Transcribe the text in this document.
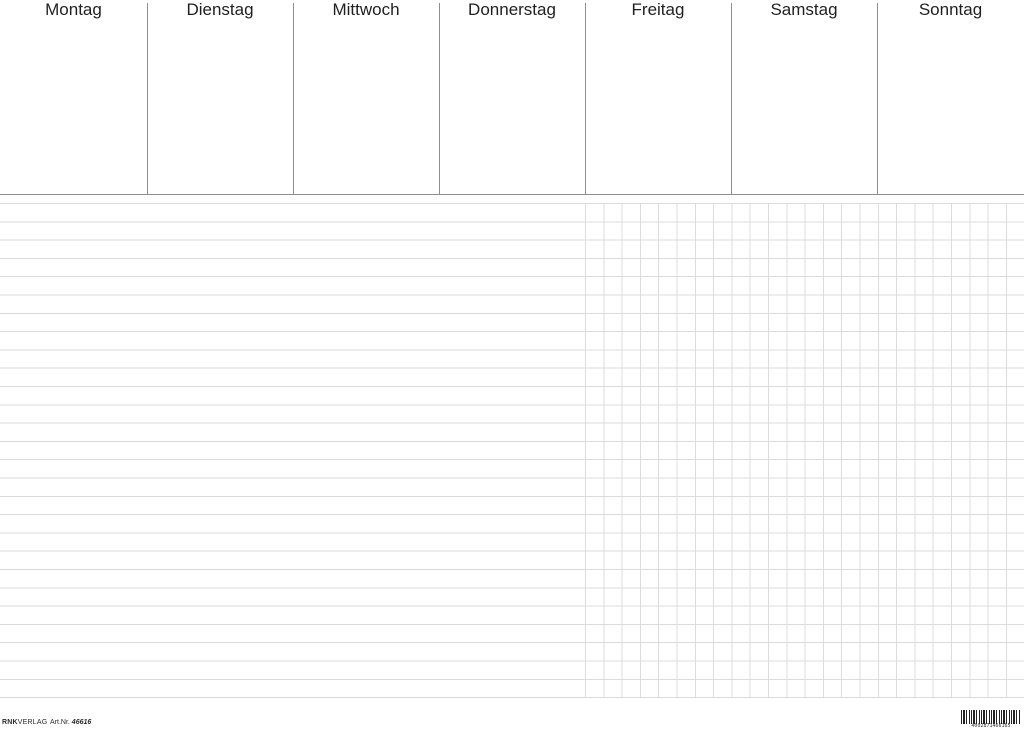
Montag	Dienstag	Mittwoch	Donnerstag	Freitag	Samstag	Sonntag
RNKVERLAG Art.Nr. 46616	4002871466165
